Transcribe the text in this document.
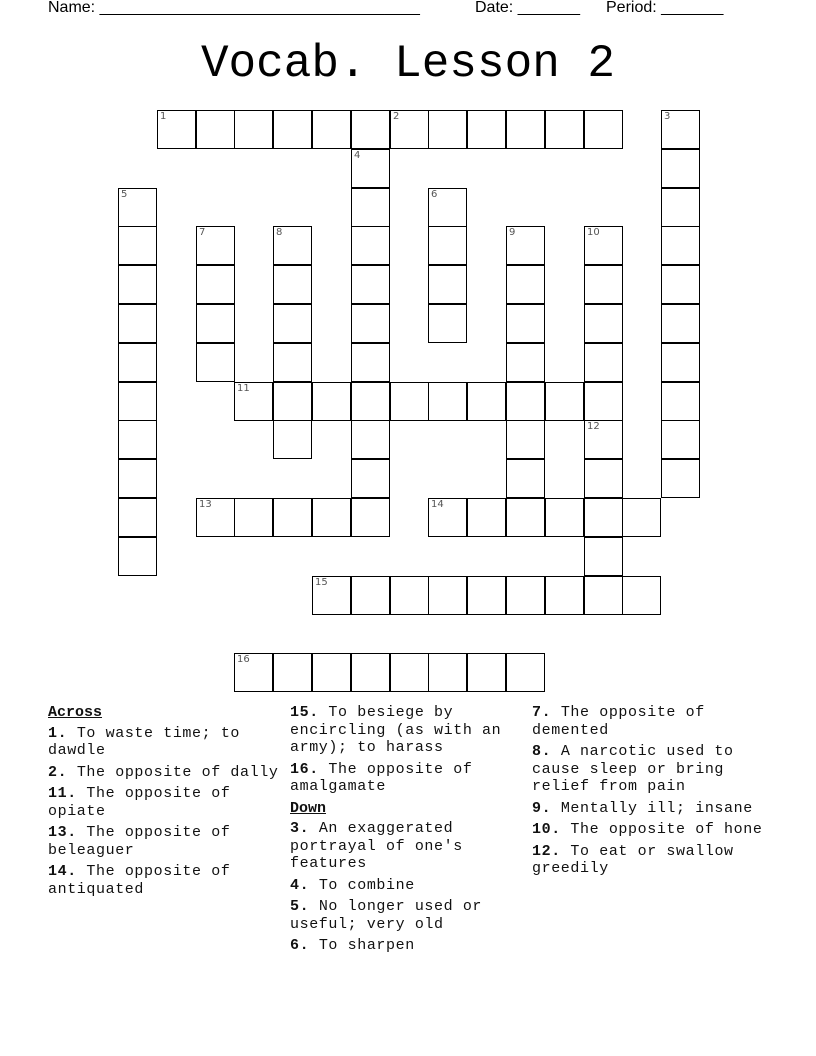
Name: ____________________________________	Date: _______ Period: _______
Vocab. Lesson 2
1	2	3
4
5	6
7	8	9	10
11
12
13	14
15
16
Across
1. To waste time; to dawdle
2. The opposite of dally
11. The opposite of opiate
13. The opposite of beleaguer
14. The opposite of antiquated
15. To besiege by encircling (as with an army); to harass
16. The opposite of amalgamate
Down
3. An exaggerated portrayal of one's features
4. To combine
5. No longer used or useful; very old
6. To sharpen
7. The opposite of demented
8. A narcotic used to cause sleep or bring relief from pain
9. Mentally ill; insane
10. The opposite of hone
12. To eat or swallow greedily
